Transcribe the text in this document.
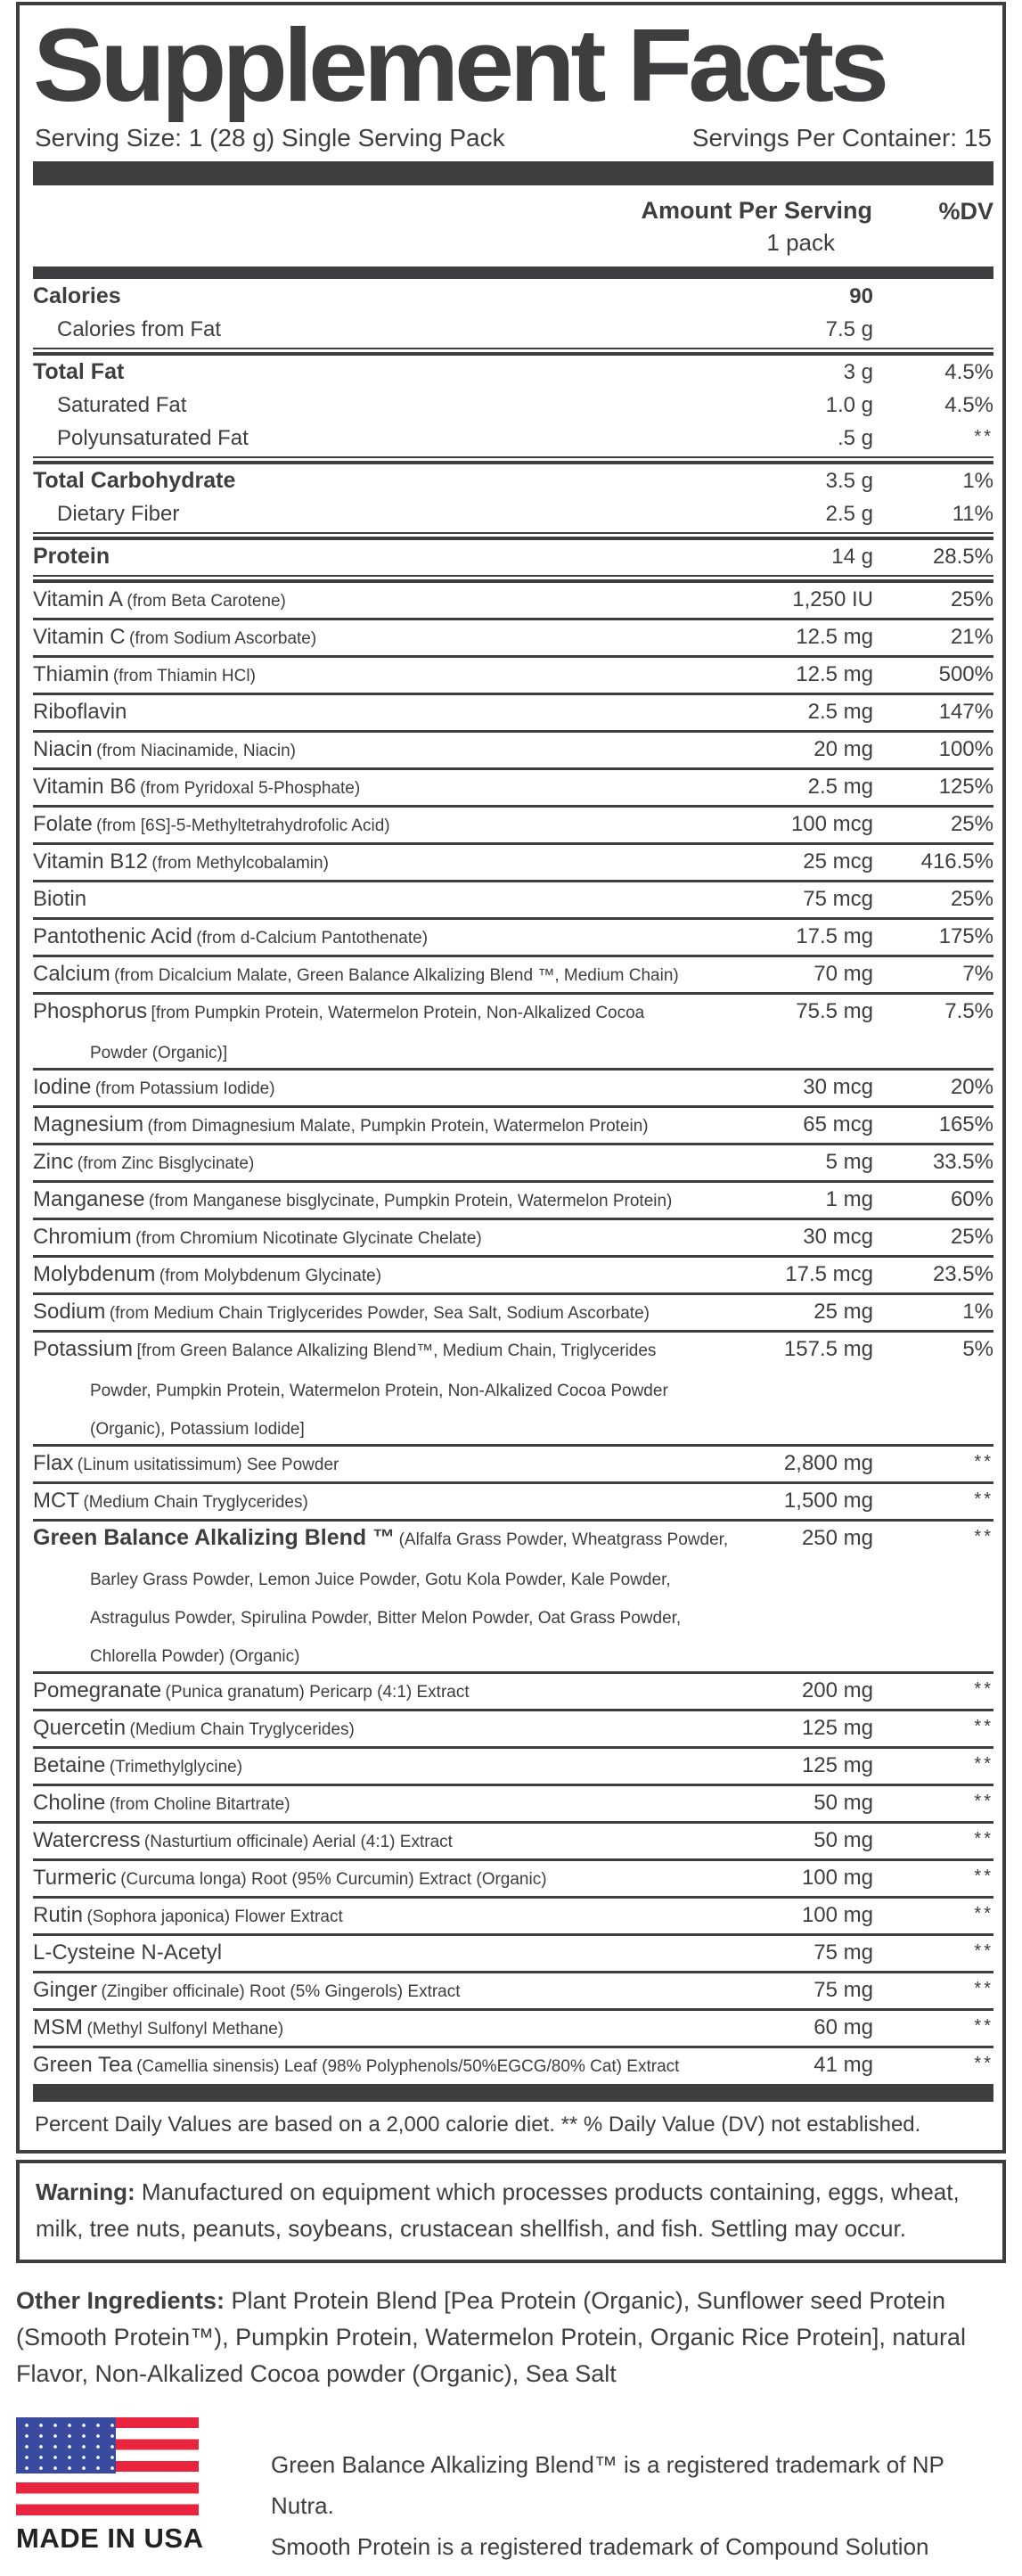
Supplement Facts
Serving Size: 1 (28 g) Single Serving Pack	Servings Per Container: 15
Amount Per Serving
1 pack
%DV
Calories	90
Calories from Fat	7.5 g
Total Fat	3 g	4.5%
Saturated Fat	1.0 g	4.5%
Polyunsaturated Fat	.5 g	**
Total Carbohydrate	3.5 g	1%
Dietary Fiber	2.5 g	11%
Protein	14 g	28.5%
Vitamin A (from Beta Carotene)	1,250 IU	25%
Vitamin C (from Sodium Ascorbate)	12.5 mg	21%
Thiamin (from Thiamin HCl)	12.5 mg	500%
Riboflavin	2.5 mg	147%
Niacin (from Niacinamide, Niacin)	20 mg	100%
Vitamin B6 (from Pyridoxal 5-Phosphate)	2.5 mg	125%
Folate (from [6S]-5-Methyltetrahydrofolic Acid)	100 mcg	25%
Vitamin B12 (from Methylcobalamin)	25 mcg	416.5%
Biotin	75 mcg	25%
Pantothenic Acid (from d-Calcium Pantothenate)	17.5 mg	175%
Calcium (from Dicalcium Malate, Green Balance Alkalizing Blend ™, Medium Chain)	70 mg	7%
Phosphorus [from Pumpkin Protein, Watermelon Protein, Non-Alkalized Cocoa
Powder (Organic)]
75.5 mg	7.5%
Iodine (from Potassium Iodide)	30 mcg	20%
Magnesium (from Dimagnesium Malate, Pumpkin Protein, Watermelon Protein)	65 mcg	165%
Zinc (from Zinc Bisglycinate)	5 mg	33.5%
Manganese (from Manganese bisglycinate, Pumpkin Protein, Watermelon Protein)	1 mg	60%
Chromium (from Chromium Nicotinate Glycinate Chelate)	30 mcg	25%
Molybdenum (from Molybdenum Glycinate)	17.5 mcg	23.5%
Sodium (from Medium Chain Triglycerides Powder, Sea Salt, Sodium Ascorbate)	25 mg	1%
Potassium [from Green Balance Alkalizing Blend™, Medium Chain, Triglycerides
Powder, Pumpkin Protein, Watermelon Protein, Non-Alkalized Cocoa Powder
(Organic), Potassium Iodide]
157.5 mg	5%
Flax (Linum usitatissimum) See Powder	2,800 mg	**
MCT (Medium Chain Tryglycerides)	1,500 mg	**
Green Balance Alkalizing Blend ™ (Alfalfa Grass Powder, Wheatgrass Powder,
Barley Grass Powder, Lemon Juice Powder, Gotu Kola Powder, Kale Powder,
Astragulus Powder, Spirulina Powder, Bitter Melon Powder, Oat Grass Powder,
Chlorella Powder) (Organic)
250 mg	**
Pomegranate (Punica granatum) Pericarp (4:1) Extract	200 mg	**
Quercetin (Medium Chain Tryglycerides)	125 mg	**
Betaine (Trimethylglycine)	125 mg	**
Choline (from Choline Bitartrate)	50 mg	**
Watercress (Nasturtium officinale) Aerial (4:1) Extract	50 mg	**
Turmeric (Curcuma longa) Root (95% Curcumin) Extract (Organic)	100 mg	**
Rutin (Sophora japonica) Flower Extract	100 mg	**
L-Cysteine N-Acetyl	75 mg	**
Ginger (Zingiber officinale) Root (5% Gingerols) Extract	75 mg	**
MSM (Methyl Sulfonyl Methane)	60 mg	**
Green Tea (Camellia sinensis) Leaf (98% Polyphenols/50%EGCG/80% Cat) Extract	41 mg	**
Percent Daily Values are based on a 2,000 calorie diet. ** % Daily Value (DV) not established.
Warning: Manufactured on equipment which processes products containing, eggs, wheat, milk, tree nuts, peanuts, soybeans, crustacean shellfish, and fish. Settling may occur.
Other Ingredients: Plant Protein Blend [Pea Protein (Organic), Sunflower seed Protein (Smooth Protein™), Pumpkin Protein, Watermelon Protein, Organic Rice Protein], natural Flavor, Non-Alkalized Cocoa powder (Organic), Sea Salt
MADE IN USA
Green Balance Alkalizing Blend™ is a registered trademark of NP Nutra.
Smooth Protein is a registered trademark of Compound Solution
